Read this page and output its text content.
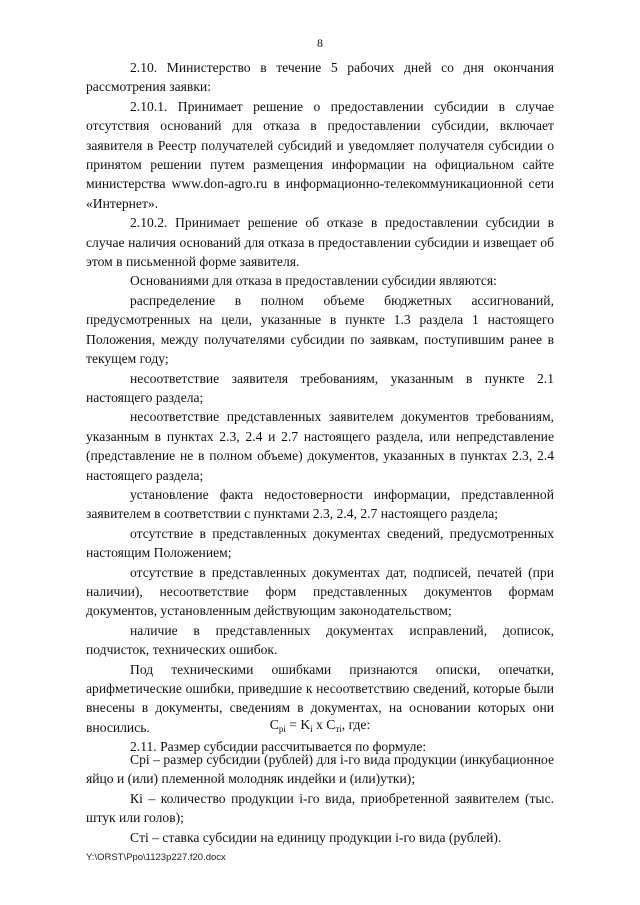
8

2.10. Министерство в течение 5 рабочих дней со дня окончания рассмотрения заявки:

2.10.1. Принимает решение о предоставлении субсидии в случае отсутствия оснований для отказа в предоставлении субсидии, включает заявителя в Реестр получателей субсидий и уведомляет получателя субсидии о принятом решении путем размещения информации на официальном сайте министерства www.don-agro.ru в информационно-телекоммуникационной сети «Интернет».

2.10.2. Принимает решение об отказе в предоставлении субсидии в случае наличия оснований для отказа в предоставлении субсидии и извещает об этом в письменной форме заявителя.

Основаниями для отказа в предоставлении субсидии являются:

распределение в полном объеме бюджетных ассигнований, предусмотренных на цели, указанные в пункте 1.3 раздела 1 настоящего Положения, между получателями субсидии по заявкам, поступившим ранее в текущем году;

несоответствие заявителя требованиям, указанным в пункте 2.1 настоящего раздела;

несоответствие представленных заявителем документов требованиям, указанным в пунктах 2.3, 2.4 и 2.7 настоящего раздела, или непредставление (представление не в полном объеме) документов, указанных в пунктах 2.3, 2.4 настоящего раздела;

установление факта недостоверности информации, представленной заявителем в соответствии с пунктами 2.3, 2.4, 2.7 настоящего раздела;

отсутствие в представленных документах сведений, предусмотренных настоящим Положением;

отсутствие в представленных документах дат, подписей, печатей (при наличии), несоответствие форм представленных документов формам документов, установленным действующим законодательством;

наличие в представленных документах исправлений, дописок, подчисток, технических ошибок.

Под техническими ошибками признаются описки, опечатки, арифметические ошибки, приведшие к несоответствию сведений, которые были внесены в документы, сведениям в документах, на основании которых они вносились.

2.11. Размер субсидии рассчитывается по формуле:

$C_{pi} = K_i$ x $C_{ті}$, где:

Cpi – размер субсидии (рублей) для i-го вида продукции (инкубационное яйцо и (или) племенной молодняк индейки и (или)утки);

Кi – количество продукции i-го вида, приобретенной заявителем (тыс. штук или голов);

Cтi – ставка субсидии на единицу продукции i-го вида (рублей).

Y:\ORST\Ppo\1123p227.f20.docx
